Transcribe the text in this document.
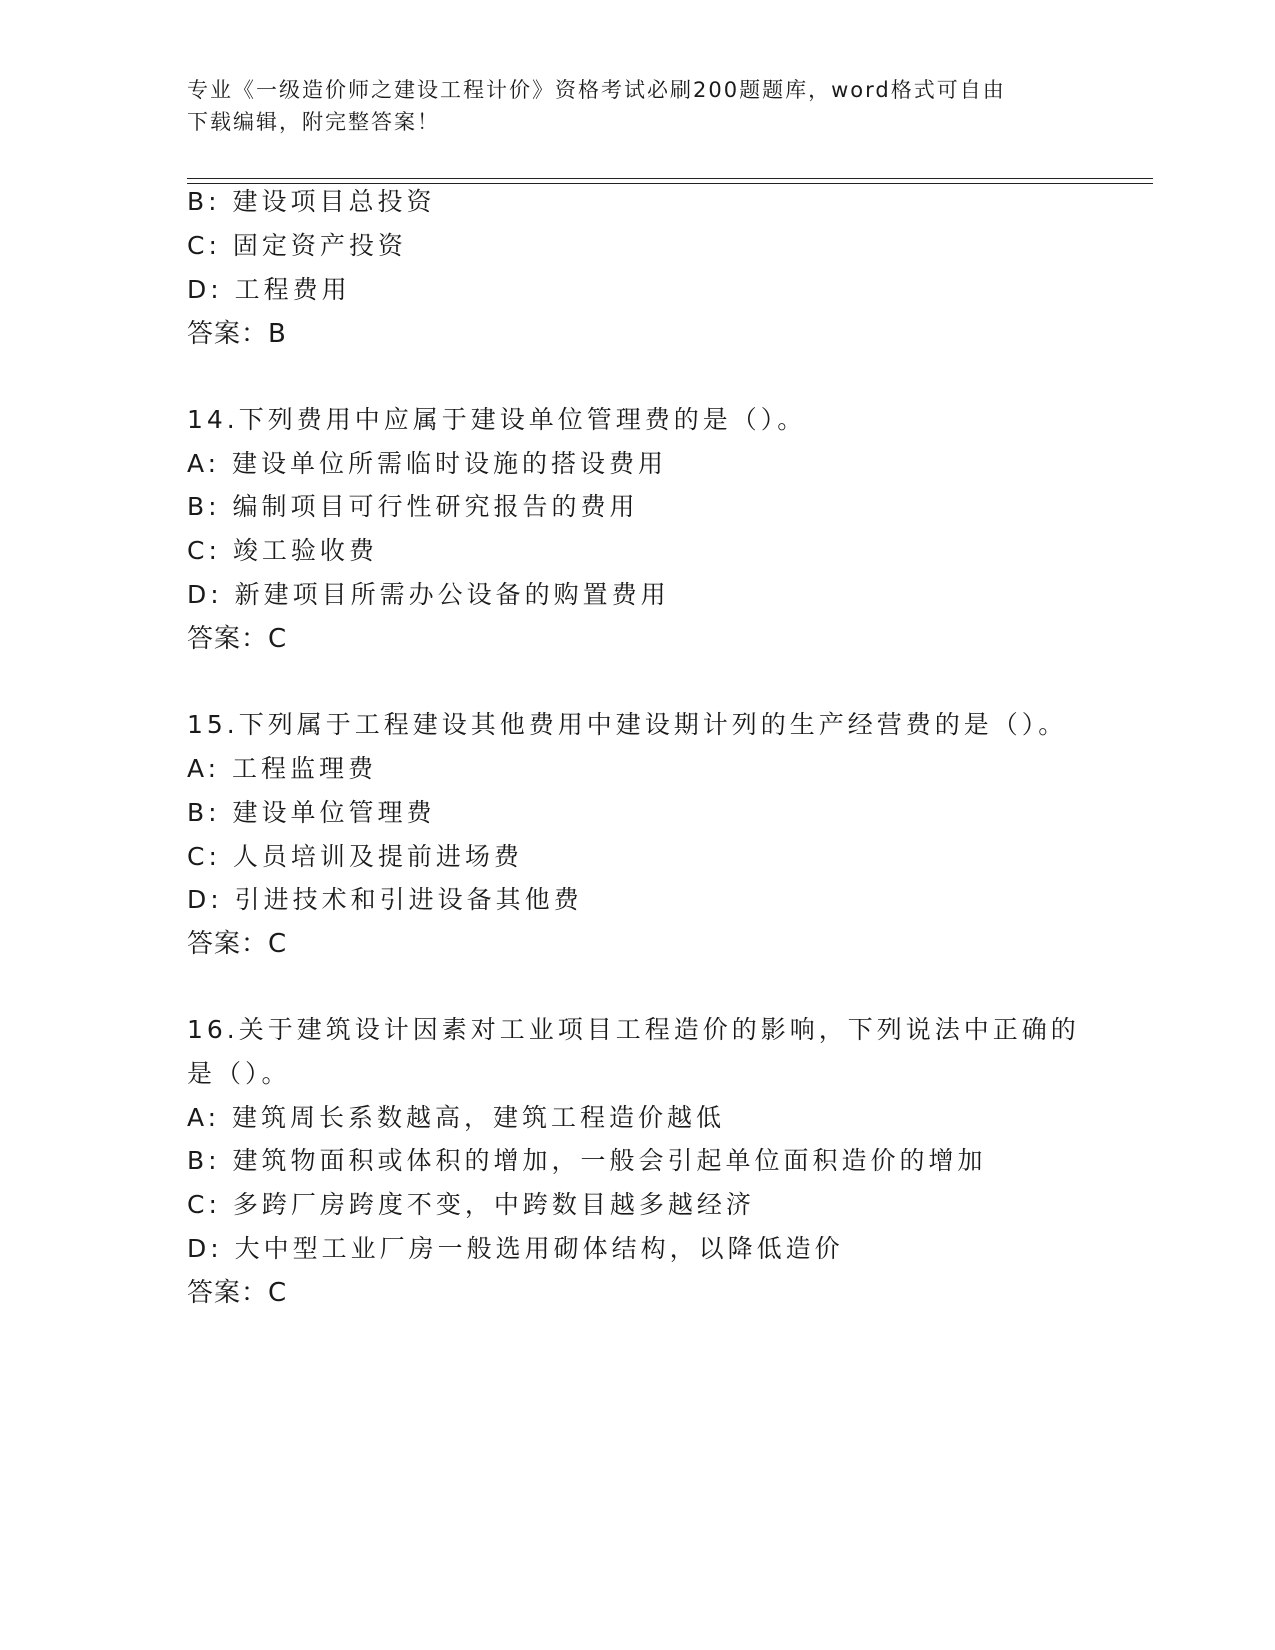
专业《一级造价师之建设工程计价》资格考试必刷200题题库，word格式可自由
下载编辑，附完整答案！
B: 建设项目总投资
C: 固定资产投资
D: 工程费用
答案：B
14.下列费用中应属于建设单位管理费的是（）。
A: 建设单位所需临时设施的搭设费用
B: 编制项目可行性研究报告的费用
C: 竣工验收费
D: 新建项目所需办公设备的购置费用
答案：C
15.下列属于工程建设其他费用中建设期计列的生产经营费的是（）。
A: 工程监理费
B: 建设单位管理费
C: 人员培训及提前进场费
D: 引进技术和引进设备其他费
答案：C
16.关于建筑设计因素对工业项目工程造价的影响，下列说法中正确的
是（）。
A: 建筑周长系数越高，建筑工程造价越低
B: 建筑物面积或体积的增加，一般会引起单位面积造价的增加
C: 多跨厂房跨度不变，中跨数目越多越经济
D: 大中型工业厂房一般选用砌体结构，以降低造价
答案：C
